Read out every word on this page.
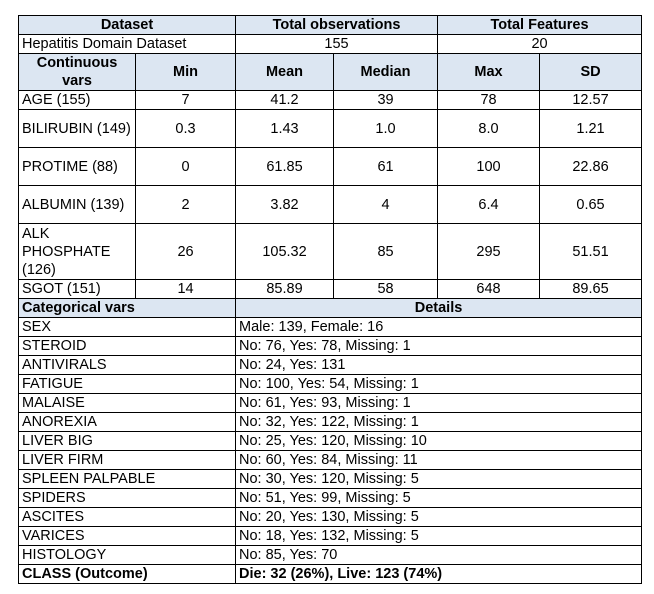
Dataset		Total observations		Total Features	
Hepatitis Domain Dataset		155		20	
Continuous vars	Min	Mean	Median	Max	SD
AGE (155)	7	41.2	39	78	12.57
BILIRUBIN (149)	0.3	1.43	1.0	8.0	1.21
PROTIME (88)	0	61.85	61	100	22.86
ALBUMIN (139)	2	3.82	4	6.4	0.65
ALK PHOSPHATE (126)	26	105.32	85	295	51.51
SGOT (151)	14	85.89	58	648	89.65
Categorical vars		Details			
SEX		Male: 139, Female: 16			
STEROID		No: 76, Yes: 78, Missing: 1			
ANTIVIRALS		No: 24, Yes: 131			
FATIGUE		No: 100, Yes: 54, Missing: 1			
MALAISE		No: 61, Yes: 93, Missing: 1			
ANOREXIA		No: 32, Yes: 122, Missing: 1			
LIVER BIG		No: 25, Yes: 120, Missing: 10			
LIVER FIRM		No: 60, Yes: 84, Missing: 11			
SPLEEN PALPABLE		No: 30, Yes: 120, Missing: 5			
SPIDERS		No: 51, Yes: 99, Missing: 5			
ASCITES		No: 20, Yes: 130, Missing: 5			
VARICES		No: 18, Yes: 132, Missing: 5			
HISTOLOGY		No: 85, Yes: 70			
CLASS (Outcome)		Die: 32 (26%), Live: 123 (74%)			
